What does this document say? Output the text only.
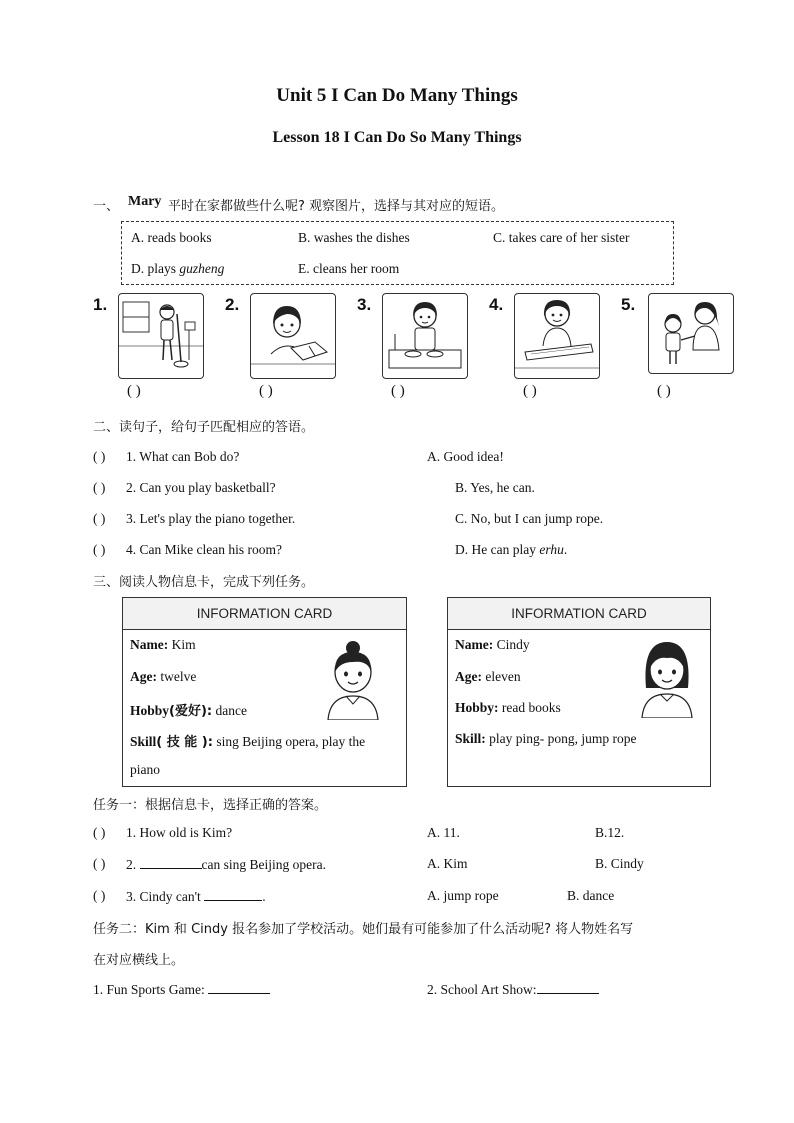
Unit 5 I Can Do Many Things
Lesson 18 I Can Do So Many Things
一、 Mary 平时在家都做些什么呢? 观察图片，选择与其对应的短语。
A. reads books	B. washes the dishes	C. takes care of her sister
D. plays guzheng	E. cleans her room
1.	2.	3.	4.	5.
( )	( )	( )	( )	( )
二、读句子，给句子匹配相应的答语。
( ) 1. What can Bob do?	A. Good idea!
( ) 2. Can you play basketball?	B. Yes, he can.
( ) 3. Let's play the piano together.	C. No, but I can jump rope.
( ) 4. Can Mike clean his room?	D. He can play erhu.
三、阅读人物信息卡，完成下列任务。
INFORMATION CARD
Name: Kim
Age: twelve
Hobby(爱好): dance
Skill( 技 能 ): sing Beijing opera, play the
piano
INFORMATION CARD
Name: Cindy
Age: eleven
Hobby: read books
Skill: play ping- pong, jump rope
任务一：根据信息卡，选择正确的答案。
( ) 1. How old is Kim?	A. 11.	B.12.
( ) 2.	can sing Beijing opera.	A. Kim	B. Cindy
( ) 3. Cindy can't	.	A. jump rope	B. dance
任务二：Kim 和 Cindy 报名参加了学校活动。她们最有可能参加了什么活动呢? 将人物姓名写
在对应横线上。
1. Fun Sports Game:	2. School Art Show:
